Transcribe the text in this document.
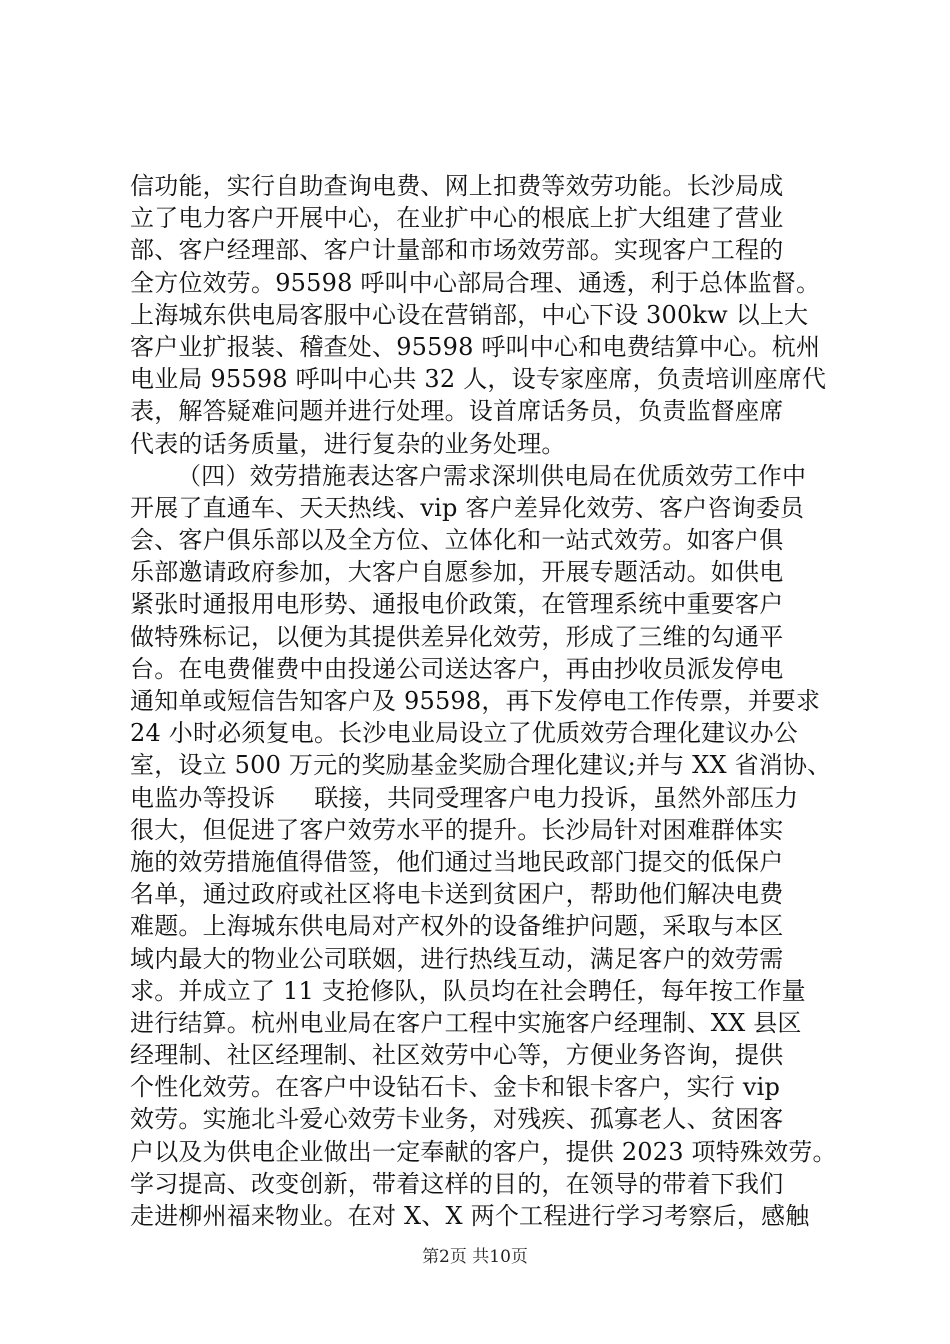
信功能，实行自助查询电费、网上扣费等效劳功能。长沙局成
立了电力客户开展中心，在业扩中心的根底上扩大组建了营业
部、客户经理部、客户计量部和市场效劳部。实现客户工程的
全方位效劳。95598 呼叫中心部局合理、通透，利于总体监督。
上海城东供电局客服中心设在营销部，中心下设 300kw 以上大
客户业扩报装、稽查处、95598 呼叫中心和电费结算中心。杭州
电业局 95598 呼叫中心共 32 人，设专家座席，负责培训座席代
表，解答疑难问题并进行处理。设首席话务员，负责监督座席
代表的话务质量，进行复杂的业务处理。
（四）效劳措施表达客户需求深圳供电局在优质效劳工作中
开展了直通车、天天热线、vip 客户差异化效劳、客户咨询委员
会、客户俱乐部以及全方位、立体化和一站式效劳。如客户俱
乐部邀请政府参加，大客户自愿参加，开展专题活动。如供电
紧张时通报用电形势、通报电价政策，在管理系统中重要客户
做特殊标记，以便为其提供差异化效劳，形成了三维的勾通平
台。在电费催费中由投递公司送达客户，再由抄收员派发停电
通知单或短信告知客户及 95598，再下发停电工作传票，并要求
24 小时必须复电。长沙电业局设立了优质效劳合理化建议办公
室，设立 500 万元的奖励基金奖励合理化建议;并与 XX 省消协、
电监办等投诉     联接，共同受理客户电力投诉，虽然外部压力
很大，但促进了客户效劳水平的提升。长沙局针对困难群体实
施的效劳措施值得借签，他们通过当地民政部门提交的低保户
名单，通过政府或社区将电卡送到贫困户，帮助他们解决电费
难题。上海城东供电局对产权外的设备维护问题，采取与本区
域内最大的物业公司联姻，进行热线互动，满足客户的效劳需
求。并成立了 11 支抢修队，队员均在社会聘任，每年按工作量
进行结算。杭州电业局在客户工程中实施客户经理制、XX 县区
经理制、社区经理制、社区效劳中心等，方便业务咨询，提供
个性化效劳。在客户中设钻石卡、金卡和银卡客户，实行 vip
效劳。实施北斗爱心效劳卡业务，对残疾、孤寡老人、贫困客
户以及为供电企业做出一定奉献的客户，提供 2023 项特殊效劳。
学习提高、改变创新，带着这样的目的，在领导的带着下我们
走进柳州福来物业。在对 X、X 两个工程进行学习考察后，感触
第2页 共10页
